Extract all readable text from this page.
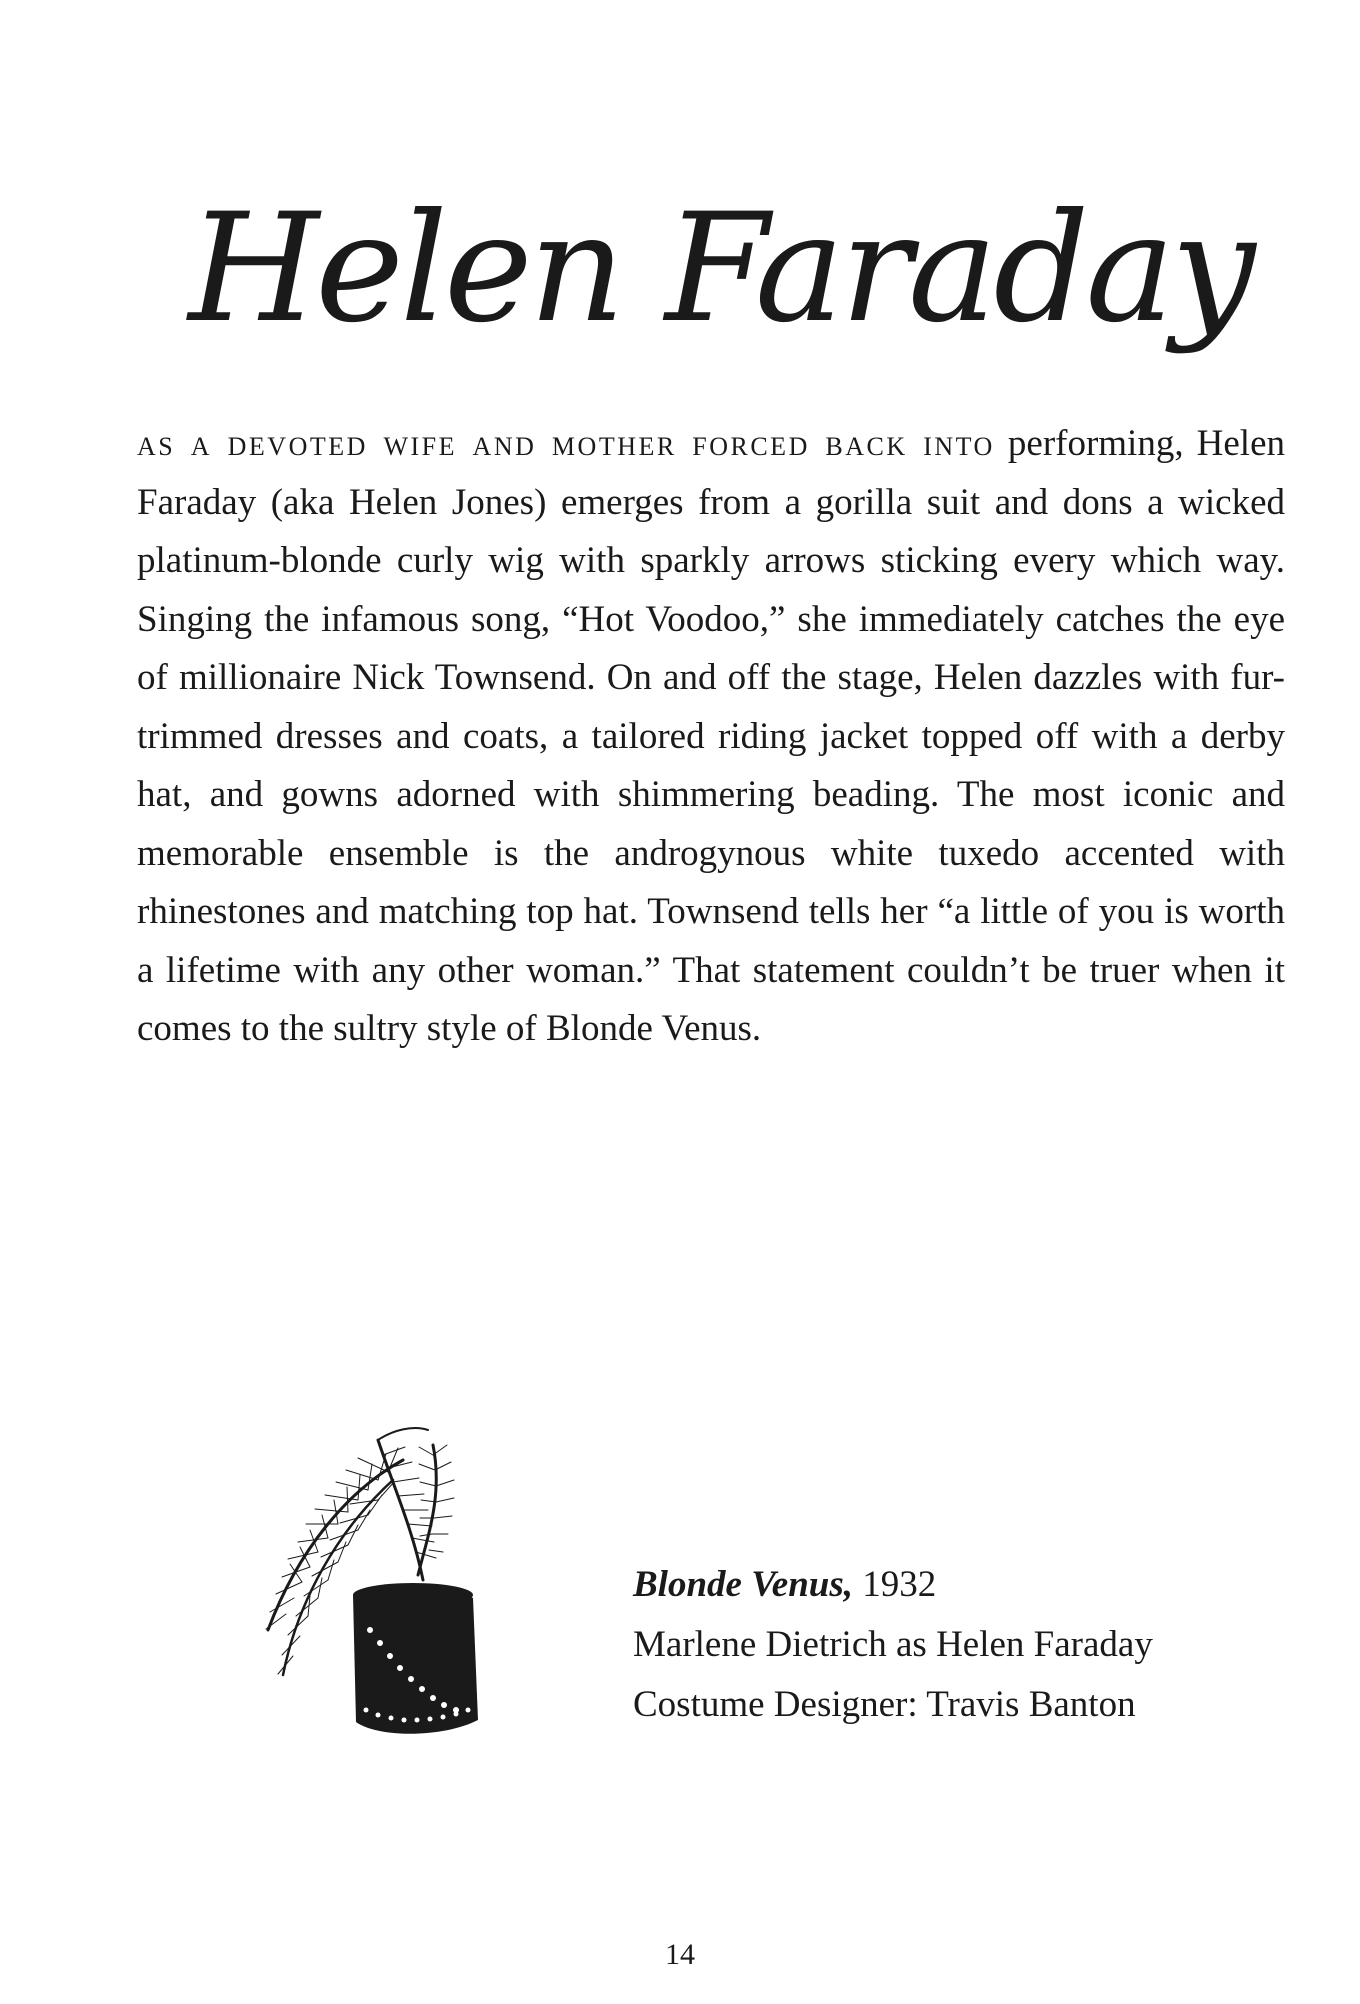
Helen Faraday
as a devoted wife and mother forced back into performing, Helen Faraday (aka Helen Jones) emerges from a gorilla suit and dons a wicked platinum-blonde curly wig with sparkly arrows sticking every which way. Singing the infamous song, “Hot Voodoo,” she immediately catches the eye of millionaire Nick Townsend. On and off the stage, Helen dazzles with fur-trimmed dresses and coats, a tailored riding jacket topped off with a derby hat, and gowns adorned with shimmering beading. The most iconic and memorable ensemble is the androgynous white tuxedo accented with rhinestones and matching top hat. Townsend tells her “a little of you is worth a lifetime with any other woman.” That statement couldn’t be truer when it comes to the sultry style of Blonde Venus.
Blonde Venus, 1932
Marlene Dietrich as Helen Faraday
Costume Designer: Travis Banton
14
